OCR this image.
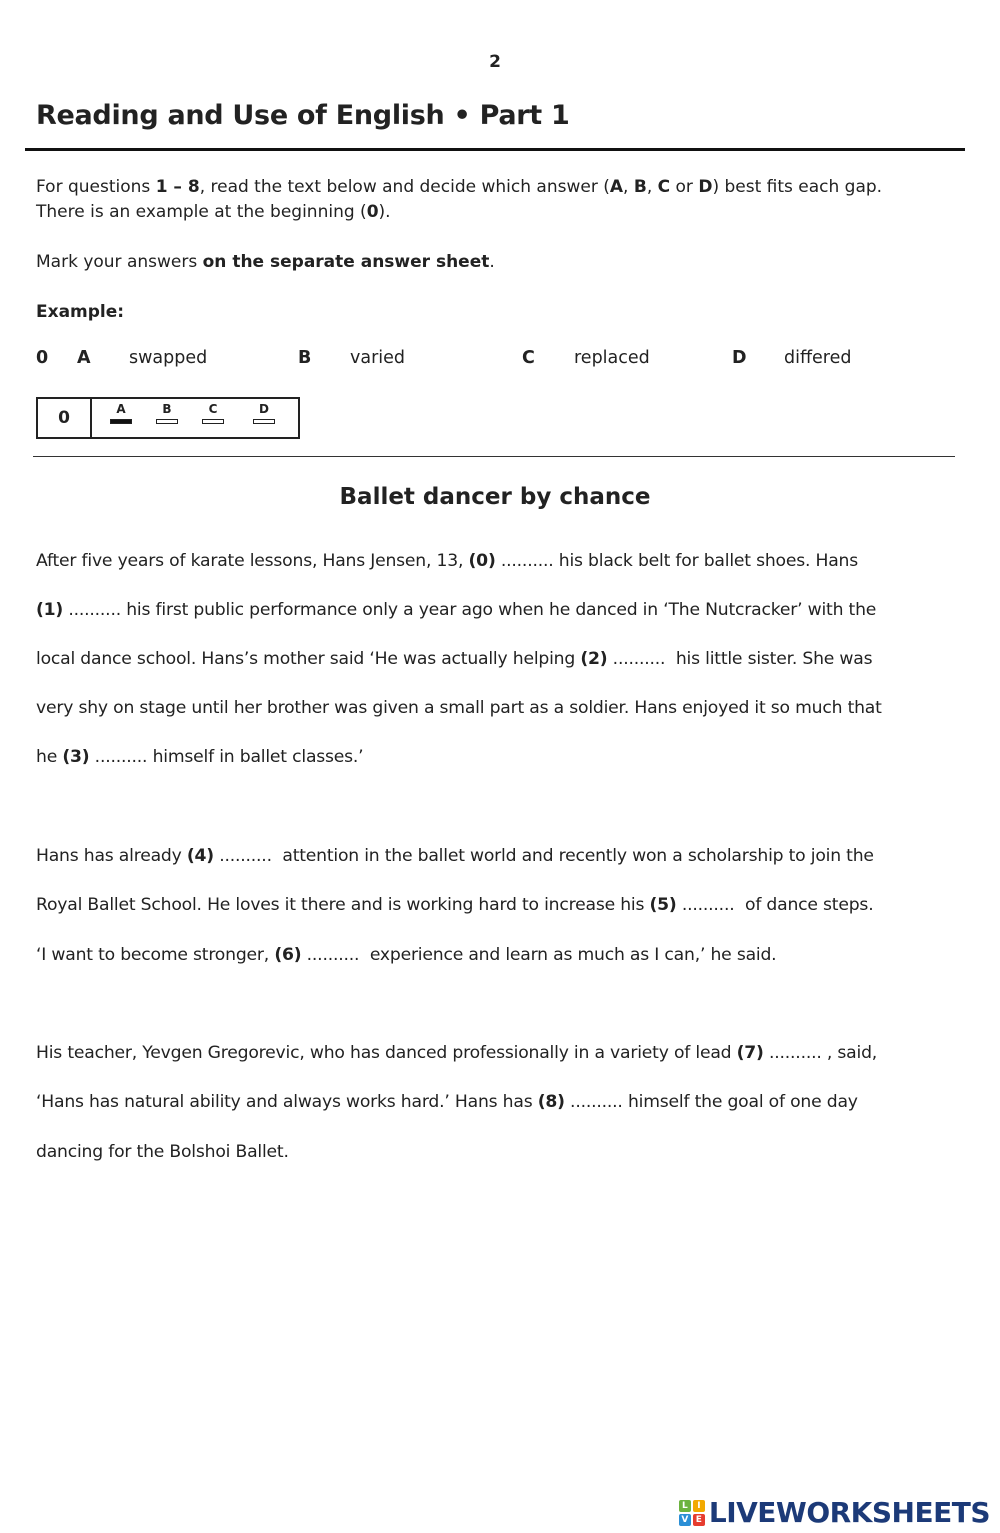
2
Reading and Use of English • Part 1
For questions 1 – 8, read the text below and decide which answer (A, B, C or D) best fits each gap.
There is an example at the beginning (0).
Mark your answers on the separate answer sheet.
Example:
0 A swapped	B varied	C replaced	D differed
0	A	B	C	D
Ballet dancer by chance
After five years of karate lessons, Hans Jensen, 13, (0) .......... his black belt for ballet shoes. Hans
(1) .......... his first public performance only a year ago when he danced in ‘The Nutcracker’ with the
local dance school. Hans’s mother said ‘He was actually helping (2) ..........  his little sister. She was
very shy on stage until her brother was given a small part as a soldier. Hans enjoyed it so much that
he (3) .......... himself in ballet classes.’
Hans has already (4) ..........  attention in the ballet world and recently won a scholarship to join the
Royal Ballet School. He loves it there and is working hard to increase his (5) ..........  of dance steps.
‘I want to become stronger, (6) ..........  experience and learn as much as I can,’ he said.
His teacher, Yevgen Gregorevic, who has danced professionally in a variety of lead (7) .......... , said,
‘Hans has natural ability and always works hard.’ Hans has (8) .......... himself the goal of one day
dancing for the Bolshoi Ballet.
L	I
V E LIVEWORKSHEETS
